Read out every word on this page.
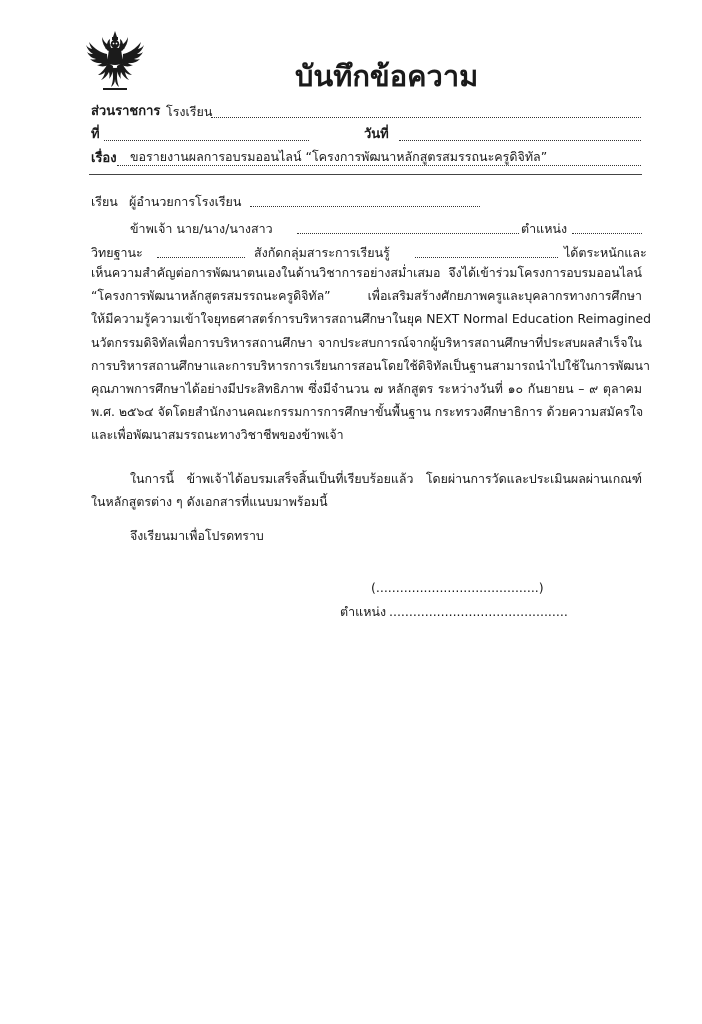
บันทึกข้อความ
ส่วนราชการ โรงเรียน
ที่	วันที่
เรื่อง ขอรายงานผลการอบรมออนไลน์ “โครงการพัฒนาหลักสูตรสมรรถนะครูดิจิทัล”
เรียน ผู้อำนวยการโรงเรียน
ข้าพเจ้า นาย/นาง/นางสาว	ตำแหน่ง
วิทยฐานะ	สังกัดกลุ่มสาระการเรียนรู้	ได้ตระหนักและ
เห็นความสำคัญต่อการพัฒนาตนเองในด้านวิชาการอย่างสม่ำเสมอ จึงได้เข้าร่วมโครงการอบรมออนไลน์
“โครงการพัฒนาหลักสูตรสมรรถนะครูดิจิทัล” เพื่อเสริมสร้างศักยภาพครูและบุคลากรทางการศึกษา
ให้มีความรู้ความเข้าใจยุทธศาสตร์การบริหารสถานศึกษาในยุค NEXT Normal Education Reimagined
นวัตกรรมดิจิทัลเพื่อการบริหารสถานศึกษา จากประสบการณ์จากผู้บริหารสถานศึกษาที่ประสบผลสำเร็จใน
การบริหารสถานศึกษาและการบริหารการเรียนการสอนโดยใช้ดิจิทัลเป็นฐานสามารถนำไปใช้ในการพัฒนา
คุณภาพการศึกษาได้อย่างมีประสิทธิภาพ ซึ่งมีจำนวน ๗ หลักสูตร ระหว่างวันที่ ๑๐ กันยายน – ๙ ตุลาคม
พ.ศ. ๒๕๖๔ จัดโดยสำนักงานคณะกรรมการการศึกษาขั้นพื้นฐาน กระทรวงศึกษาธิการ ด้วยความสมัครใจ
และเพื่อพัฒนาสมรรถนะทางวิชาชีพของข้าพเจ้า
ในการนี้ ข้าพเจ้าได้อบรมเสร็จสิ้นเป็นที่เรียบร้อยแล้ว โดยผ่านการวัดและประเมินผลผ่านเกณฑ์
ในหลักสูตรต่าง ๆ ดังเอกสารที่แนบมาพร้อมนี้
จึงเรียนมาเพื่อโปรดทราบ
(.........................................)
ตำแหน่ง .............................................
